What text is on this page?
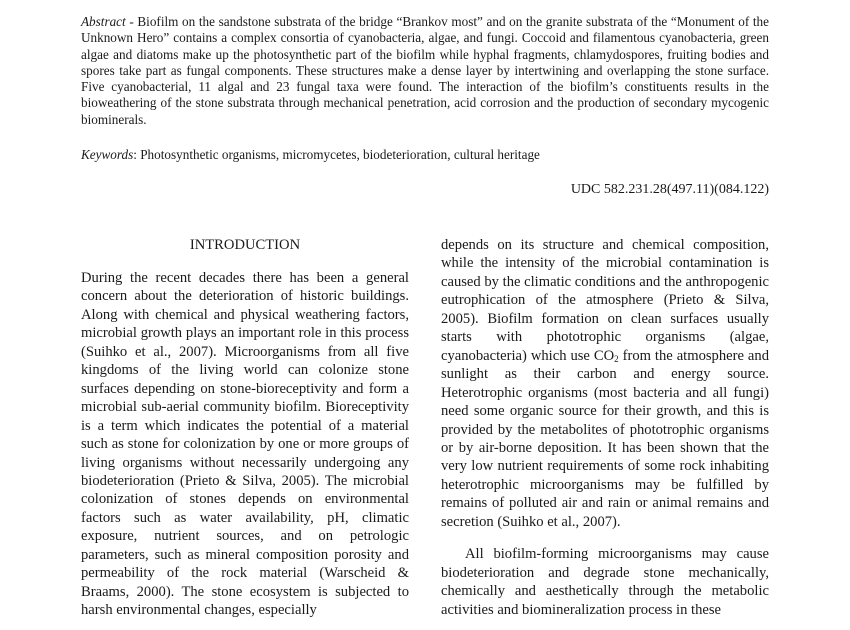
Abstract - Biofilm on the sandstone substrata of the bridge “Brankov most” and on the granite substrata of the “Monument of the Unknown Hero” contains a complex consortia of cyanobacteria, algae, and fungi. Coccoid and filamentous cyanobacteria, green algae and diatoms make up the photosynthetic part of the biofilm while hyphal fragments, chlamydospores, fruiting bodies and spores take part as fungal components. These structures make a dense layer by intertwining and overlapping the stone surface. Five cyanobacterial, 11 algal and 23 fungal taxa were found. The interaction of the biofilm’s constituents results in the bioweathering of the stone substrata through mechanical penetration, acid corrosion and the production of secondary mycogenic biominerals.
Keywords: Photosynthetic organisms, micromycetes, biodeterioration, cultural heritage
UDC 582.231.28(497.11)(084.122)
INTRODUCTION

During the recent decades there has been a general concern about the deterioration of historic buildings. Along with chemical and physical weathering factors, microbial growth plays an important role in this process (Suihko et al., 2007). Microorganisms from all five kingdoms of the living world can colonize stone surfaces depending on stone-bioreceptivity and form a microbial sub-aerial community biofilm. Bioreceptivity is a term which indicates the potential of a material such as stone for colonization by one or more groups of living organisms without necessarily undergoing any biodeterioration (Prieto & Silva, 2005). The microbial colonization of stones depends on environmental factors such as water availability, pH, climatic exposure, nutrient sources, and on petrologic parameters, such as mineral composition porosity and permeability of the rock material (Warscheid & Braams, 2000). The stone ecosystem is subjected to harsh environmental changes, especially

depends on its structure and chemical composition, while the intensity of the microbial contamination is caused by the climatic conditions and the anthropogenic eutrophication of the atmosphere (Prieto & Silva, 2005). Biofilm formation on clean surfaces usually starts with phototrophic organisms (algae, cyanobacteria) which use $CO_2$ from the atmosphere and sunlight as their carbon and energy source. Heterotrophic organisms (most bacteria and all fungi) need some organic source for their growth, and this is provided by the metabolites of phototrophic organisms or by air-borne deposition. It has been shown that the very low nutrient requirements of some rock inhabiting heterotrophic microorganisms may be fulfilled by remains of polluted air and rain or animal remains and secretion (Suihko et al., 2007).

All biofilm-forming microorganisms may cause biodeterioration and degrade stone mechanically, chemically and aesthetically through the metabolic activities and biomineralization process in these
